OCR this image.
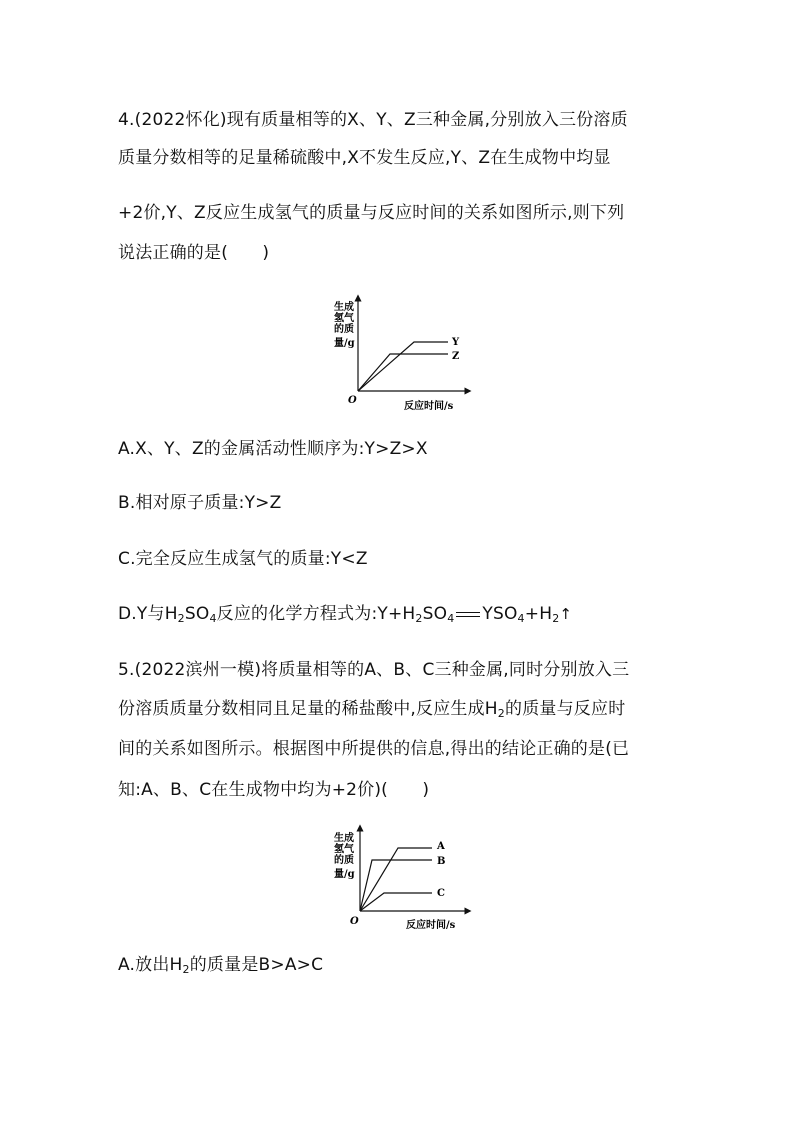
4.(2022怀化)现有质量相等的X、Y、Z三种金属,分别放入三份溶质
质量分数相等的足量稀硫酸中,X不发生反应,Y、Z在生成物中均显
+2价,Y、Z反应生成氢气的质量与反应时间的关系如图所示,则下列
说法正确的是(　　)
生成
氢气
的质
量/g
O
反应时间/s
Y
Z
A.X、Y、Z的金属活动性顺序为:Y>Z>X
B.相对原子质量:Y>Z
C.完全反应生成氢气的质量:Y<Z
D.Y与$H_2SO_4$反应的化学方程式为$:Y+H_2SO_4$ $YSO_4+H_2↑$
5.(2022滨州一模)将质量相等的A、B、C三种金属,同时分别放入三
份溶质质量分数相同且足量的稀盐酸中,反应生成$H_2$的质量与反应时
间的关系如图所示。根据图中所提供的信息,得出的结论正确的是(已
知:A、B、C在生成物中均为+2价)(　　)
生成
氢气
的质
量/g
O	反应时间/s
A
B
C
A.放出$H_2$的质量是B>A>C
